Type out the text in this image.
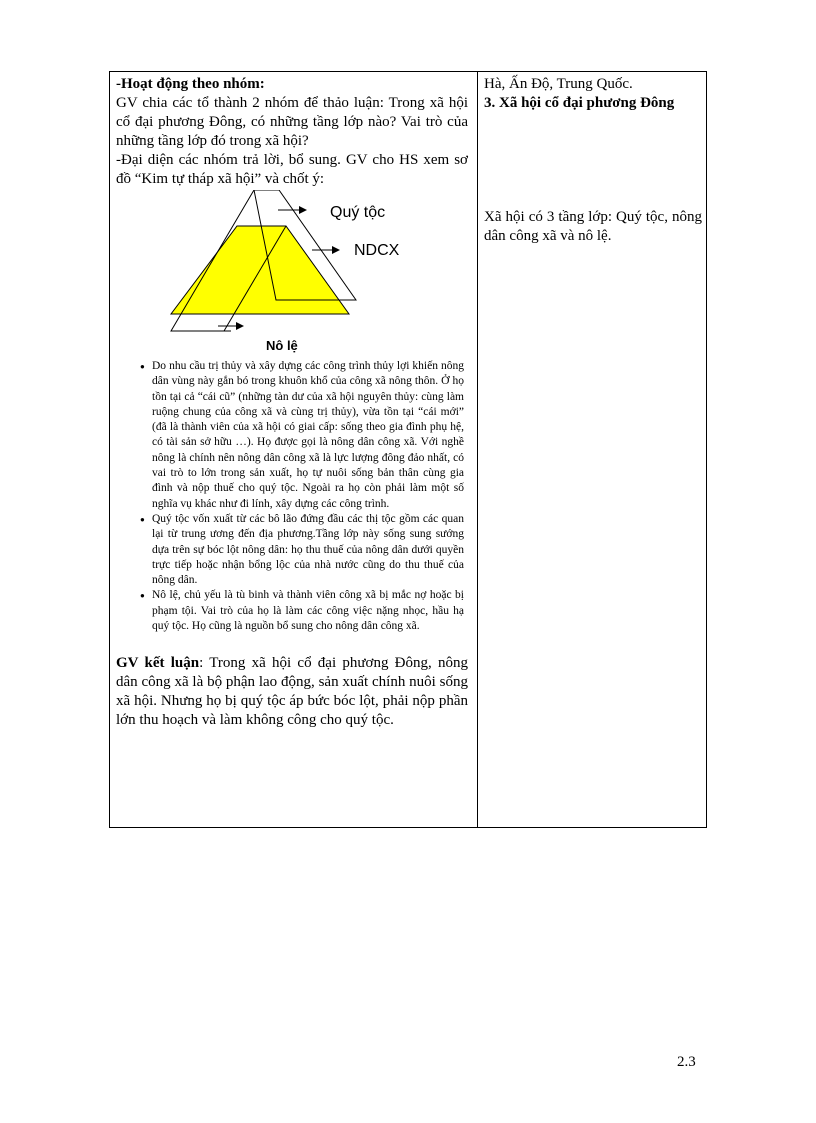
-Hoạt động theo nhóm:

GV chia các tổ thành 2 nhóm để thảo luận: Trong xã hội cổ đại phương Đông, có những tầng lớp nào? Vai trò của những tầng lớp đó trong xã hội?

-Đại diện các nhóm trả lời, bổ sung. GV cho HS xem sơ đồ “Kim tự tháp xã hội” và chốt ý:

Quý tộc
NDCX
Nô lệ
● Do nhu cầu trị thủy và xây dựng các công trình thủy lợi khiến nông dân vùng này gắn bó trong khuôn khổ của công xã nông thôn. Ở họ tồn tại cả “cái cũ” (những tàn dư của xã hội nguyên thủy: cùng làm ruộng chung của công xã và cùng trị thủy), vừa tồn tại “cái mới” (đã là thành viên của xã hội có giai cấp: sống theo gia đình phụ hệ, có tài sản sở hữu …). Họ được gọi là nông dân công xã. Với nghề nông là chính nên nông dân công xã là lực lượng đông đảo nhất, có vai trò to lớn trong sản xuất, họ tự nuôi sống bản thân cùng gia đình và nộp thuế cho quý tộc. Ngoài ra họ còn phải làm một số nghĩa vụ khác như đi lính, xây dựng các công trình.
● Quý tộc vốn xuất từ các bô lão đứng đầu các thị tộc gồm các quan lại từ trung ương đến địa phương.Tầng lớp này sống sung sướng dựa trên sự bóc lột nông dân: họ thu thuế của nông dân dưới quyền trực tiếp hoặc nhận bổng lộc của nhà nước cũng do thu thuế của nông dân.
● Nô lệ, chủ yếu là tù binh và thành viên công xã bị mắc nợ hoặc bị phạm tội. Vai trò của họ là làm các công việc nặng nhọc, hầu hạ quý tộc. Họ cũng là nguồn bổ sung cho nông dân công xã.

GV kết luận: Trong xã hội cổ đại phương Đông, nông dân công xã là bộ phận lao động, sản xuất chính nuôi sống xã hội. Nhưng họ bị quý tộc áp bức bóc lột, phải nộp phần lớn thu hoạch và làm không công cho quý tộc.

Hà, Ấn Độ, Trung Quốc.

3. Xã hội cổ đại phương Đông

Xã hội có 3 tầng lớp: Quý tộc, nông dân công xã và nô lệ.

2.3
